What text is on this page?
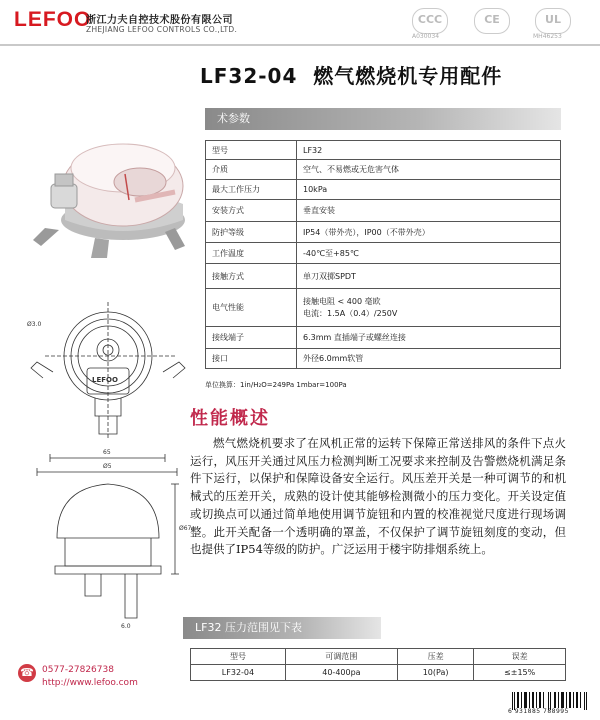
LEFOO
浙江力夫自控技术股份有限公司
ZHEJIANG LEFOO CONTROLS CO.,LTD.
CCC
A030034
CE	UL
MH46253
LF32-04  燃气燃烧机专用配件
65
Ø5
Ø3.0
Ø67
6.0
LEFOO
术参数
型号	LF32
介质	空气、不易燃或无危害气体
最大工作压力	10kPa
安装方式	垂直安装
防护等级	IP54（带外壳），IP00（不带外壳）
工作温度	-40℃至+85℃
接触方式	单刀双掷SPDT
电气性能	接触电阻 < 400 毫欧
电流：1.5A（0.4）/250V

接线端子	6.3mm 直插端子或螺丝连接
接口	外径6.0mm软管
单位换算：1in/H₂O=249Pa 1mbar=100Pa
性能概述
燃气燃烧机要求了在风机正常的运转下保障正常送排风的条件下点火运行，风压开关通过风压力检测判断工况要求来控制及告警燃烧机满足条件下运行，以保护和保障设备安全运行。风压差开关是一种可调节的和机械式的压差开关，成熟的设计使其能够检测微小的压力变化。开关设定值或切换点可以通过简单地使用调节旋钮和内置的校准视觉尺度进行现场调整。此开关配备一个透明确的罩盖，不仅保护了调节旋钮刻度的变动，但也提供了IP54等级的防护。广泛运用于楼宇防排烟系统上。
LF32 压力范围见下表
型号	可调范围	压差	误差
LF32-04	40-400pa	10(Pa)	≤±15%
☎ 0577-27826738
http://www.lefoo.com
6 931885 788995
